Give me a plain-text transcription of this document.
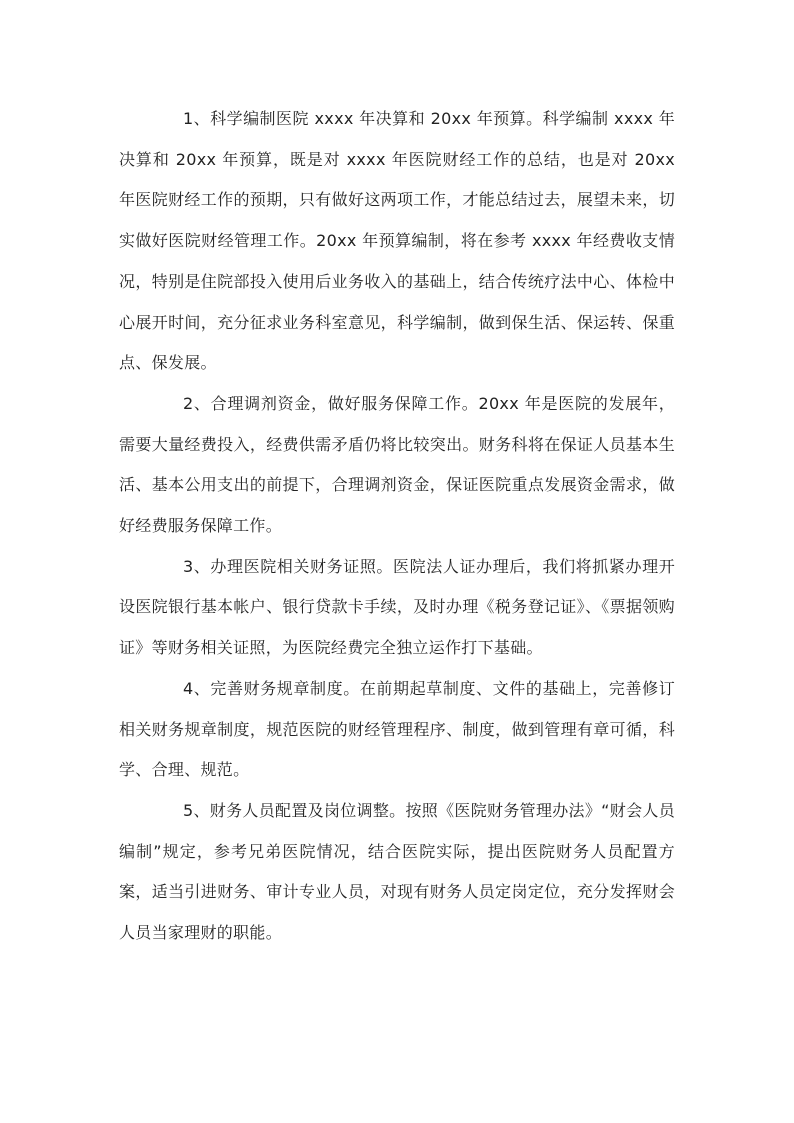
1、科学编制医院 xxxx 年决算和 20xx 年预算。科学编制 xxxx 年决算和 20xx 年预算，既是对 xxxx 年医院财经工作的总结，也是对 20xx 年医院财经工作的预期，只有做好这两项工作，才能总结过去，展望未来，切实做好医院财经管理工作。20xx 年预算编制，将在参考 xxxx 年经费收支情况，特别是住院部投入使用后业务收入的基础上，结合传统疗法中心、体检中心展开时间，充分征求业务科室意见，科学编制，做到保生活、保运转、保重点、保发展。

2、合理调剂资金，做好服务保障工作。20xx 年是医院的发展年，需要大量经费投入，经费供需矛盾仍将比较突出。财务科将在保证人员基本生活、基本公用支出的前提下，合理调剂资金，保证医院重点发展资金需求，做好经费服务保障工作。

3、办理医院相关财务证照。医院法人证办理后，我们将抓紧办理开设医院银行基本帐户、银行贷款卡手续，及时办理《税务登记证》、《票据领购证》等财务相关证照，为医院经费完全独立运作打下基础。

4、完善财务规章制度。在前期起草制度、文件的基础上，完善修订相关财务规章制度，规范医院的财经管理程序、制度，做到管理有章可循，科学、合理、规范。

5、财务人员配置及岗位调整。按照《医院财务管理办法》“财会人员编制”规定，参考兄弟医院情况，结合医院实际，提出医院财务人员配置方案，适当引进财务、审计专业人员，对现有财务人员定岗定位，充分发挥财会人员当家理财的职能。
